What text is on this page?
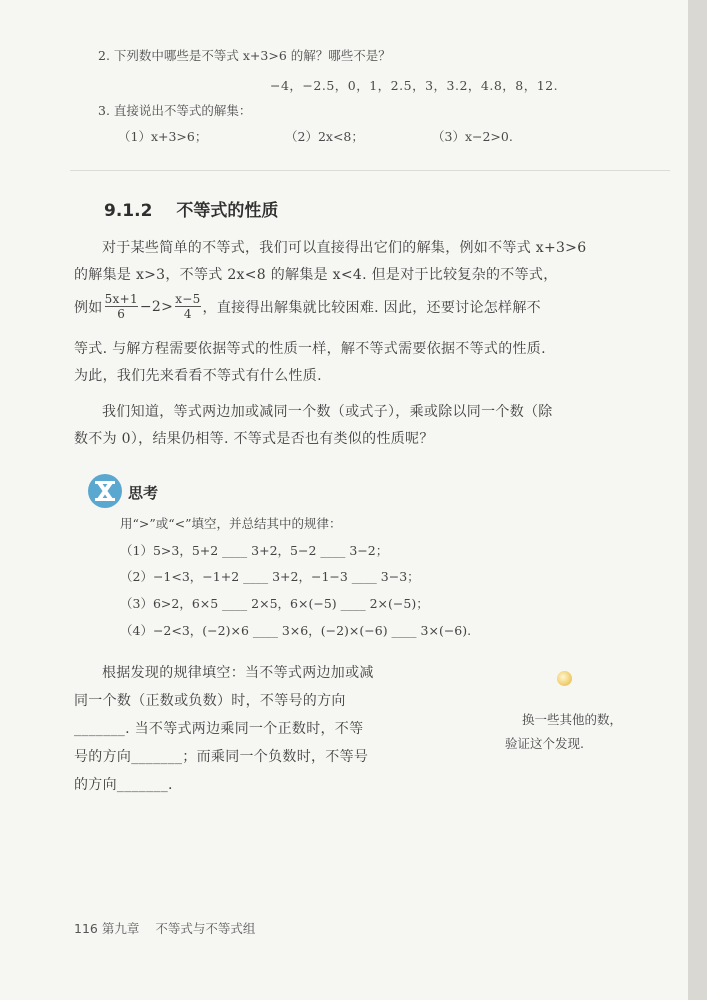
2. 下列数中哪些是不等式 x+3>6 的解？哪些不是？
−4，−2.5，0，1，2.5，3，3.2，4.8，8，12.
3. 直接说出不等式的解集：
（1）x+3>6；	（2）2x<8；	（3）x−2>0.
9.1.2 不等式的性质
对于某些简单的不等式，我们可以直接得出它们的解集，例如不等式 x+3>6
的解集是 x>3，不等式 2x<8 的解集是 x<4. 但是对于比较复杂的不等式，
例如
5x+1
6 −2> x−5
4 ，直接得出解集就比较困难. 因此，还要讨论怎样解不
等式. 与解方程需要依据等式的性质一样，解不等式需要依据不等式的性质.
为此，我们先来看看不等式有什么性质.
我们知道，等式两边加或减同一个数（或式子），乘或除以同一个数（除
数不为 0），结果仍相等. 不等式是否也有类似的性质呢？
思考
用“>”或“<”填空，并总结其中的规律：
（1）5>3，5+2 ____ 3+2，5−2 ____ 3−2；
（2）−1<3，−1+2 ____ 3+2，−1−3 ____ 3−3；
（3）6>2，6×5 ____ 2×5，6×(−5) ____ 2×(−5)；
（4）−2<3，(−2)×6 ____ 3×6，(−2)×(−6) ____ 3×(−6).
根据发现的规律填空：当不等式两边加或减
同一个数（正数或负数）时，不等号的方向
_______. 当不等式两边乘同一个正数时，不等
号的方向_______；而乘同一个负数时，不等号
的方向_______.
换一些其他的数，
验证这个发现.
116 第九章 不等式与不等式组
